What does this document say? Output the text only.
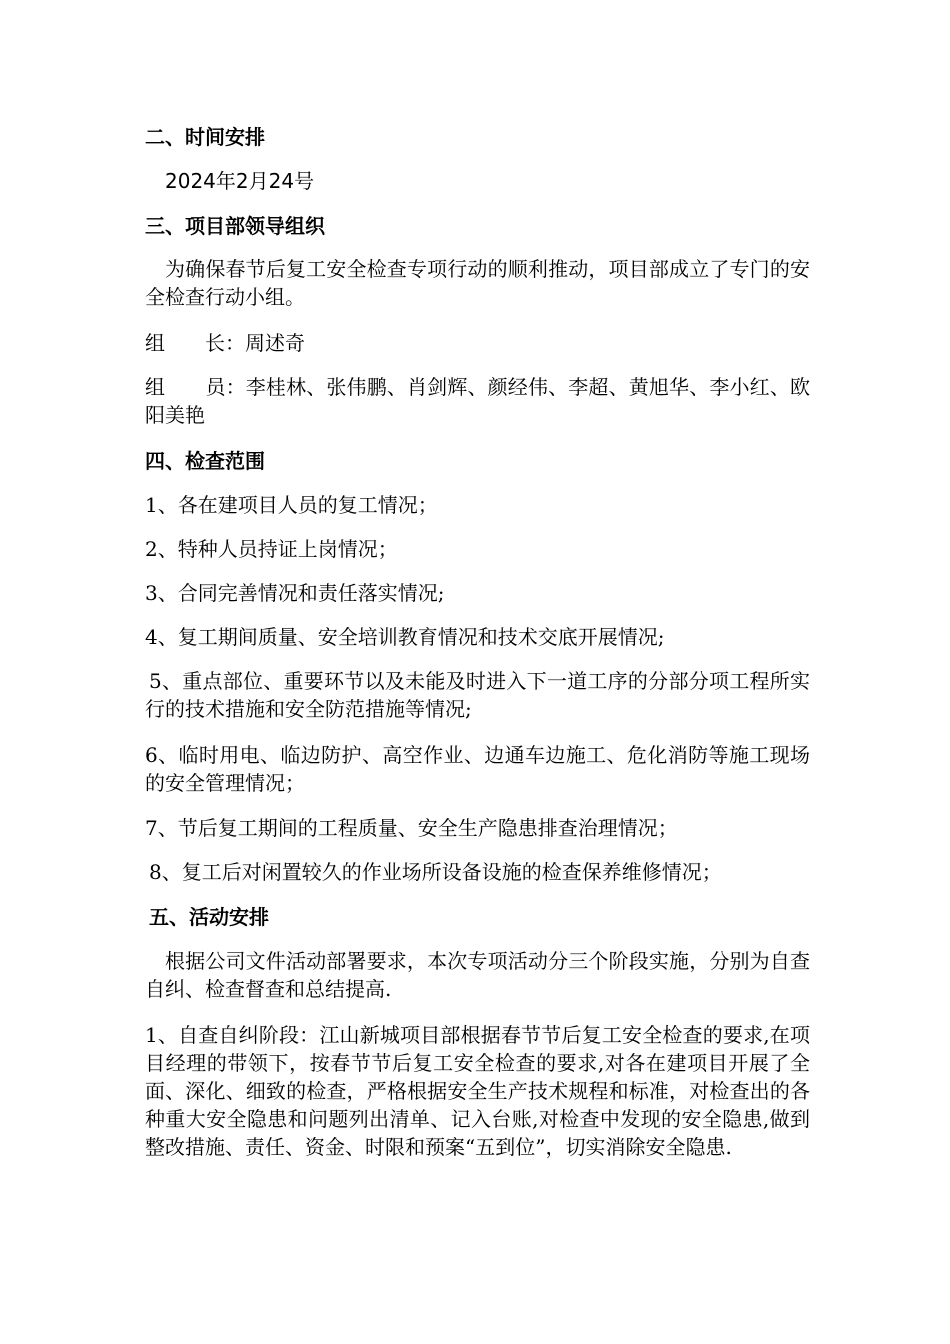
二、时间安排
2024年2月24号
三、项目部领导组织
为确保春节后复工安全检查专项行动的顺利推动，项目部成立了专门的安全检查行动小组。
组　　长：周述奇
组　　员：李桂林、张伟鹏、肖剑辉、颜经伟、李超、黄旭华、李小红、欧阳美艳
四、检查范围
1、各在建项目人员的复工情况；
2、特种人员持证上岗情况；
3、合同完善情况和责任落实情况;
4、复工期间质量、安全培训教育情况和技术交底开展情况;
5、重点部位、重要环节以及未能及时进入下一道工序的分部分项工程所实行的技术措施和安全防范措施等情况;
6、临时用电、临边防护、高空作业、边通车边施工、危化消防等施工现场的安全管理情况；
7、节后复工期间的工程质量、安全生产隐患排查治理情况；
8、复工后对闲置较久的作业场所设备设施的检查保养维修情况；
五、活动安排
根据公司文件活动部署要求，本次专项活动分三个阶段实施，分别为自查自纠、检查督查和总结提高.
1、自查自纠阶段：江山新城项目部根据春节节后复工安全检查的要求,在项目经理的带领下，按春节节后复工安全检查的要求,对各在建项目开展了全面、深化、细致的检查，严格根据安全生产技术规程和标准，对检查出的各种重大安全隐患和问题列出清单、记入台账,对检查中发现的安全隐患,做到整改措施、责任、资金、时限和预案“五到位”，切实消除安全隐患.
